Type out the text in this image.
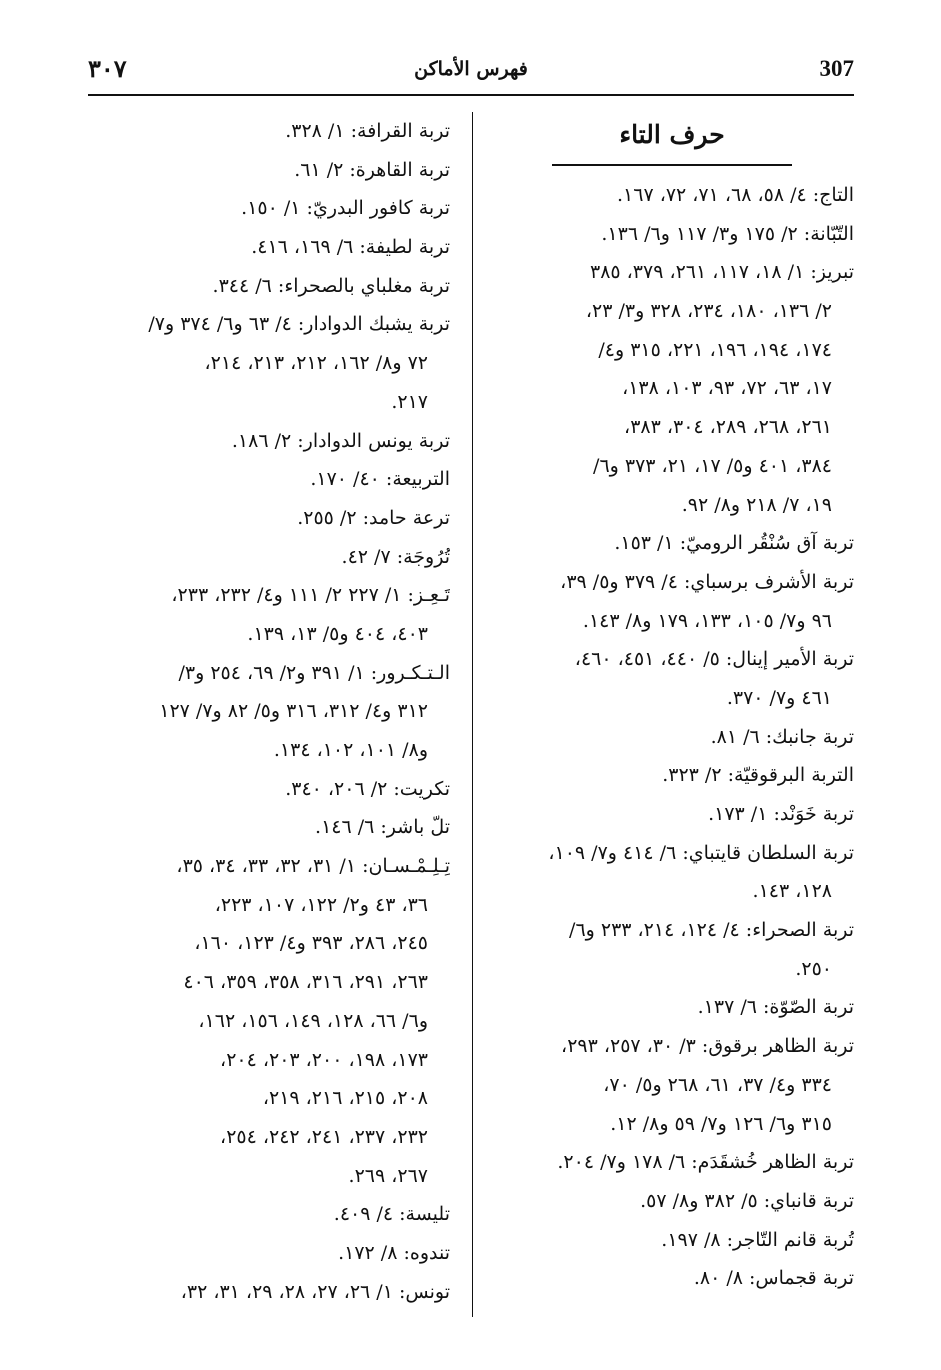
307
فهرس الأماكن
٣٠٧
حرف التاء
التاج: ٤/ ٥٨، ٦٨، ٧١، ٧٢، ١٦٧.
التّبّانة: ٢/ ١٧٥ و٣/ ١١٧ و٦/ ١٣٦.
تبريز: ١/ ١٨، ١١٧، ٢٦١، ٣٧٩، ٣٨٥
٢/ ١٣٦، ١٨٠، ٢٣٤، ٣٢٨ و٣/ ٢٣،
١٧٤، ١٩٤، ١٩٦، ٢٢١، ٣١٥ و٤/
١٧، ٦٣، ٧٢، ٩٣، ١٠٣، ١٣٨،
٢٦١، ٢٦٨، ٢٨٩، ٣٠٤، ٣٨٣،
٣٨٤، ٤٠١ و٥/ ١٧، ٢١، ٣٧٣ و٦/
١٩، ٧/ ٢١٨ و٨/ ٩٢.
تربة آق سُنْقُر الروميّ: ١/ ١٥٣.
تربة الأشرف برسباي: ٤/ ٣٧٩ و٥/ ٣٩،
٩٦ و٧/ ١٠٥، ١٣٣، ١٧٩ و٨/ ١٤٣.
تربة الأمير إينال: ٥/ ٤٤٠، ٤٥١، ٤٦٠،
٤٦١ و٧/ ٣٧٠.
تربة جانبك: ٦/ ٨١.
التربة البرقوقيّة: ٢/ ٣٢٣.
تربة خَوَنْد: ١/ ١٧٣.
تربة السلطان قايتباي: ٦/ ٤١٤ و٧/ ١٠٩،
١٢٨، ١٤٣.
تربة الصحراء: ٤/ ١٢٤، ٢١٤، ٢٣٣ و٦/
٢٥٠.
تربة الصّوّة: ٦/ ١٣٧.
تربة الظاهر برقوق: ٣/ ٣٠، ٢٥٧، ٢٩٣،
٣٣٤ و٤/ ٣٧، ٦١، ٢٦٨ و٥/ ٧٠،
٣١٥ و٦/ ١٢٦ و٧/ ٥٩ و٨/ ١٢.
تربة الظاهر خُشقَدَم: ٦/ ١٧٨ و٧/ ٢٠٤.
تربة قانباي: ٥/ ٣٨٢ و٨/ ٥٧.
تُربة قانم التّاجر: ٨/ ١٩٧.
تربة قجماس: ٨/ ٨٠.
تربة القرافة: ١/ ٣٢٨.
تربة القاهرة: ٢/ ٦١.
تربة كافور البدريّ: ١/ ١٥٠.
تربة لطيفة: ٦/ ١٦٩، ٤١٦.
تربة مغلباي بالصحراء: ٦/ ٣٤٤.
تربة يشبك الدوادار: ٤/ ٦٣ و٦/ ٣٧٤ و٧/
٧٢ و٨/ ١٦٢، ٢١٢، ٢١٣، ٢١٤،
٢١٧.
تربة يونس الدوادار: ٢/ ١٨٦.
التربيعة: ٤٠/ ١٧٠.
ترعة حامد: ٢/ ٢٥٥.
تُرُوجَة: ٧/ ٤٢.
تَـعِـز: ١/ ٢٢٧ ٢/ ١١١ و٤/ ٢٣٢، ٢٣٣،
٤٠٣، ٤٠٤ و٥/ ١٣، ١٣٩.
الـتـكـرور: ١/ ٣٩١ و٢/ ٦٩، ٢٥٤ و٣/
٣١٢ و٤/ ٣١٢، ٣١٦ و٥/ ٨٢ و٧/ ١٢٧
و٨/ ١٠١، ١٠٢، ١٣٤.
تكريت: ٢/ ٢٠٦، ٣٤٠.
تلّ باشر: ٦/ ١٤٦.
تِـلِـمْـسـان: ١/ ٣١، ٣٢، ٣٣، ٣٤، ٣٥،
٣٦، ٤٣ و٢/ ١٢٢، ١٠٧، ٢٢٣،
٢٤٥، ٢٨٦، ٣٩٣ و٤/ ١٢٣، ١٦٠،
٢٦٣، ٢٩١، ٣١٦، ٣٥٨، ٣٥٩، ٤٠٦
و٦/ ٦٦، ١٢٨، ١٤٩، ١٥٦، ١٦٢،
١٧٣، ١٩٨، ٢٠٠، ٢٠٣، ٢٠٤،
٢٠٨، ٢١٥، ٢١٦، ٢١٩،
٢٣٢، ٢٣٧، ٢٤١، ٢٤٢، ٢٥٤،
٢٦٧، ٢٦٩.
تليسة: ٤/ ٤٠٩.
تندوه: ٨/ ١٧٢.
تونس: ١/ ٢٦، ٢٧، ٢٨، ٢٩، ٣١، ٣٢،
